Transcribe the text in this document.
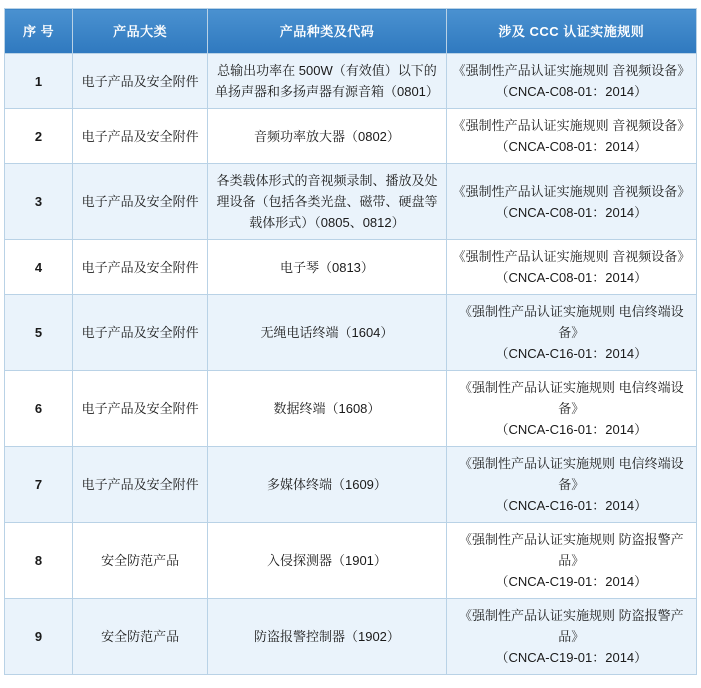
序 号	产品大类	产品种类及代码	涉及 CCC 认证实施规则
1	电子产品及安全附件	总输出功率在 500W（有效值）以下的
单扬声器和多扬声器有源音箱（0801）	《强制性产品认证实施规则 音视频设备》
（CNCA-C08-01：2014）

2	电子产品及安全附件	音频功率放大器（0802）	《强制性产品认证实施规则 音视频设备》
（CNCA-C08-01：2014）

3	电子产品及安全附件	各类载体形式的音视频录制、播放及处
理设备（包括各类光盘、磁带、硬盘等
载体形式）（0805、0812）	《强制性产品认证实施规则 音视频设备》
（CNCA-C08-01：2014）

4	电子产品及安全附件	电子琴（0813）	《强制性产品认证实施规则 音视频设备》
（CNCA-C08-01：2014）

5	电子产品及安全附件	无绳电话终端（1604）	《强制性产品认证实施规则 电信终端设备》
（CNCA-C16-01：2014）

6	电子产品及安全附件	数据终端（1608）	《强制性产品认证实施规则 电信终端设备》
（CNCA-C16-01：2014）

7	电子产品及安全附件	多媒体终端（1609）	《强制性产品认证实施规则 电信终端设备》
（CNCA-C16-01：2014）

8	安全防范产品	入侵探测器（1901）	《强制性产品认证实施规则 防盗报警产品》
（CNCA-C19-01：2014）

9	安全防范产品	防盗报警控制器（1902）	《强制性产品认证实施规则 防盗报警产品》
（CNCA-C19-01：2014）
